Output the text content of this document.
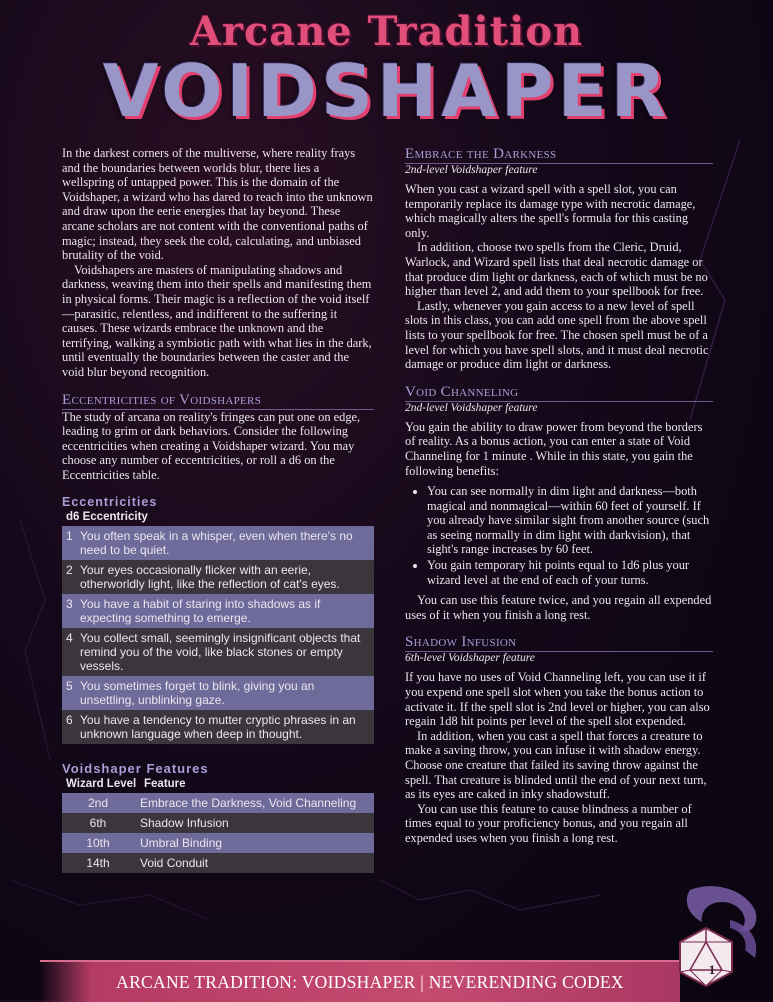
Arcane Tradition
VOIDSHAPER

In the darkest corners of the multiverse, where reality frays and the boundaries between worlds blur, there lies a wellspring of untapped power. This is the domain of the Voidshaper, a wizard who has dared to reach into the unknown and draw upon the eerie energies that lay beyond. These arcane scholars are not content with the conventional paths of magic; instead, they seek the cold, calculating, and unbiased brutality of the void.

Voidshapers are masters of manipulating shadows and darkness, weaving them into their spells and manifesting them in physical forms. Their magic is a reflection of the void itself—parasitic, relentless, and indifferent to the suffering it causes. These wizards embrace the unknown and the terrifying, walking a symbiotic path with what lies in the dark, until eventually the boundaries between the caster and the void blur beyond recognition.

Eccentricities of Voidshapers

The study of arcana on reality's fringes can put one on edge, leading to grim or dark behaviors. Consider the following eccentricities when creating a Voidshaper wizard. You may choose any number of eccentricities, or roll a d6 on the Eccentricities table.

Eccentricities
d6 Eccentricity
1 You often speak in a whisper, even when there's no need to be quiet.
2 Your eyes occasionally flicker with an eerie, otherworldly light, like the reflection of cat's eyes.
3 You have a habit of staring into shadows as if expecting something to emerge.
4 You collect small, seemingly insignificant objects that remind you of the void, like black stones or empty vessels.
5 You sometimes forget to blink, giving you an unsettling, unblinking gaze.
6 You have a tendency to mutter cryptic phrases in an unknown language when deep in thought.
Voidshaper Features
Wizard Level Feature
2nd	Embrace the Darkness, Void Channeling
6th	Shadow Infusion
10th	Umbral Binding
14th	Void Conduit
Embrace the Darkness
2nd-level Voidshaper feature

When you cast a wizard spell with a spell slot, you can temporarily replace its damage type with necrotic damage, which magically alters the spell's formula for this casting only.

In addition, choose two spells from the Cleric, Druid, Warlock, and Wizard spell lists that deal necrotic damage or that produce dim light or darkness, each of which must be no higher than level 2, and add them to your spellbook for free.

Lastly, whenever you gain access to a new level of spell slots in this class, you can add one spell from the above spell lists to your spellbook for free. The chosen spell must be of a level for which you have spell slots, and it must deal necrotic damage or produce dim light or darkness.

Void Channeling
2nd-level Voidshaper feature

You gain the ability to draw power from beyond the borders of reality. As a bonus action, you can enter a state of Void Channeling for 1 minute . While in this state, you gain the following benefits:

• You can see normally in dim light and darkness—both magical and nonmagical—within 60 feet of yourself. If you already have similar sight from another source (such as seeing normally in dim light with darkvision), that sight's range increases by 60 feet.
• You gain temporary hit points equal to 1d6 plus your wizard level at the end of each of your turns.

You can use this feature twice, and you regain all expended uses of it when you finish a long rest.

Shadow Infusion
6th-level Voidshaper feature

If you have no uses of Void Channeling left, you can use it if you expend one spell slot when you take the bonus action to activate it. If the spell slot is 2nd level or higher, you can also regain 1d8 hit points per level of the spell slot expended.

In addition, when you cast a spell that forces a creature to make a saving throw, you can infuse it with shadow energy. Choose one creature that failed its saving throw against the spell. That creature is blinded until the end of your next turn, as its eyes are caked in inky shadowstuff.

You can use this feature to cause blindness a number of times equal to your proficiency bonus, and you regain all expended uses when you finish a long rest.

ARCANE TRADITION: VOIDSHAPER | NEVERENDING CODEX
1
